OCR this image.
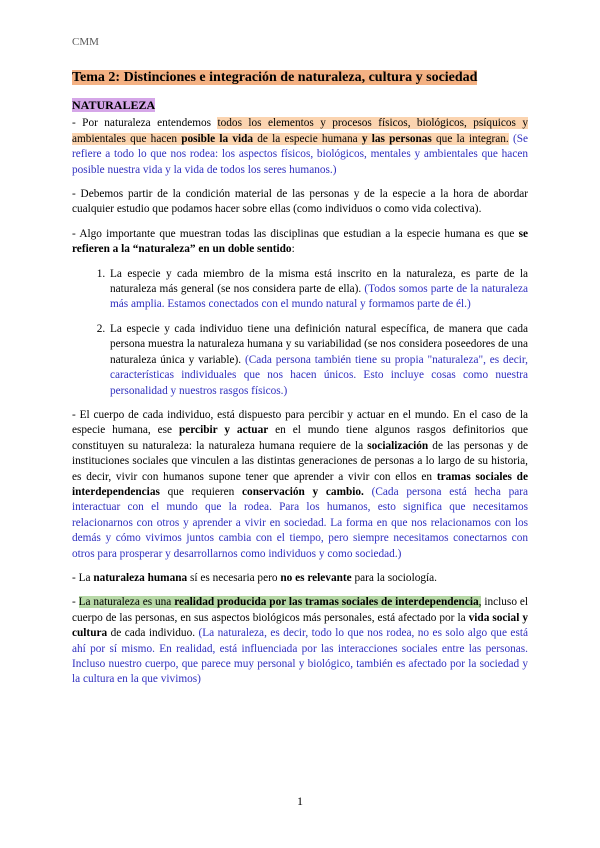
CMM
Tema 2: Distinciones e integración de naturaleza, cultura y sociedad
NATURALEZA

- Por naturaleza entendemos todos los elementos y procesos físicos, biológicos, psíquicos y ambientales que hacen posible la vida de la especie humana y las personas que la integran. (Se refiere a todo lo que nos rodea: los aspectos físicos, biológicos, mentales y ambientales que hacen posible nuestra vida y la vida de todos los seres humanos.)

- Debemos partir de la condición material de las personas y de la especie a la hora de abordar cualquier estudio que podamos hacer sobre ellas (como individuos o como vida colectiva).

- Algo importante que muestran todas las disciplinas que estudian a la especie humana es que se refieren a la “naturaleza” en un doble sentido:

1. La especie y cada miembro de la misma está inscrito en la naturaleza, es parte de la naturaleza más general (se nos considera parte de ella). (Todos somos parte de la naturaleza más amplia. Estamos conectados con el mundo natural y formamos parte de él.)
2. La especie y cada individuo tiene una definición natural específica, de manera que cada persona muestra la naturaleza humana y su variabilidad (se nos considera poseedores de una naturaleza única y variable). (Cada persona también tiene su propia "naturaleza", es decir, características individuales que nos hacen únicos. Esto incluye cosas como nuestra personalidad y nuestros rasgos físicos.)

- El cuerpo de cada individuo, está dispuesto para percibir y actuar en el mundo. En el caso de la especie humana, ese percibir y actuar en el mundo tiene algunos rasgos definitorios que constituyen su naturaleza: la naturaleza humana requiere de la socialización de las personas y de instituciones sociales que vinculen a las distintas generaciones de personas a lo largo de su historia, es decir, vivir con humanos supone tener que aprender a vivir con ellos en tramas sociales de interdependencias que requieren conservación y cambio. (Cada persona está hecha para interactuar con el mundo que la rodea. Para los humanos, esto significa que necesitamos relacionarnos con otros y aprender a vivir en sociedad. La forma en que nos relacionamos con los demás y cómo vivimos juntos cambia con el tiempo, pero siempre necesitamos conectarnos con otros para prosperar y desarrollarnos como individuos y como sociedad.)

- La naturaleza humana sí es necesaria pero no es relevante para la sociología.

- La naturaleza es una realidad producida por las tramas sociales de interdependencia, incluso el cuerpo de las personas, en sus aspectos biológicos más personales, está afectado por la vida social y cultura de cada individuo. (La naturaleza, es decir, todo lo que nos rodea, no es solo algo que está ahí por sí mismo. En realidad, está influenciada por las interacciones sociales entre las personas. Incluso nuestro cuerpo, que parece muy personal y biológico, también es afectado por la sociedad y la cultura en la que vivimos)

1
